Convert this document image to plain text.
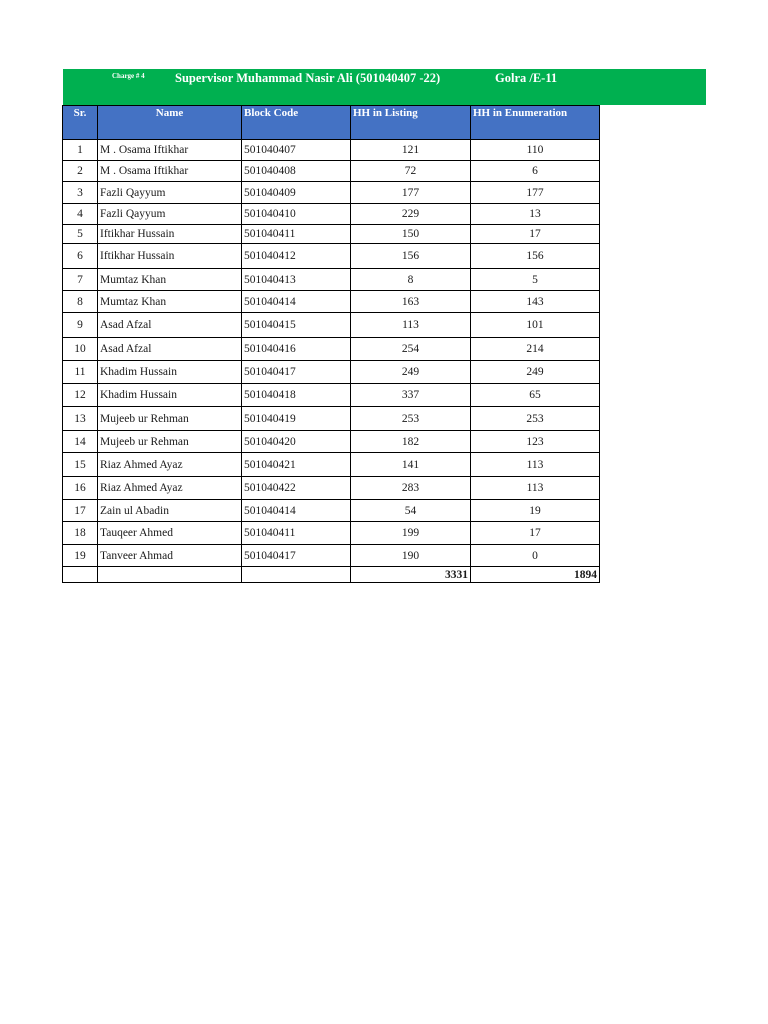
Charge # 4 Supervisor Muhammad Nasir Ali (501040407 -22)	Golra /E-11
Sr.	Name	Block Code	HH in Listing	HH in Enumeration
1	M . Osama Iftikhar	501040407	121	110
2	M . Osama Iftikhar	501040408	72	6
3	Fazli Qayyum	501040409	177	177
4	Fazli Qayyum	501040410	229	13
5	Iftikhar Hussain	501040411	150	17
6	Iftikhar Hussain	501040412	156	156
7	Mumtaz Khan	501040413	8	5
8	Mumtaz Khan	501040414	163	143
9	Asad Afzal	501040415	113	101
10	Asad Afzal	501040416	254	214
11	Khadim Hussain	501040417	249	249
12	Khadim Hussain	501040418	337	65
13	Mujeeb ur Rehman	501040419	253	253
14	Mujeeb ur Rehman	501040420	182	123
15	Riaz Ahmed Ayaz	501040421	141	113
16	Riaz Ahmed Ayaz	501040422	283	113
17	Zain ul Abadin	501040414	54	19
18	Tauqeer Ahmed	501040411	199	17
19	Tanveer Ahmad	501040417	190	0
			3331	1894
